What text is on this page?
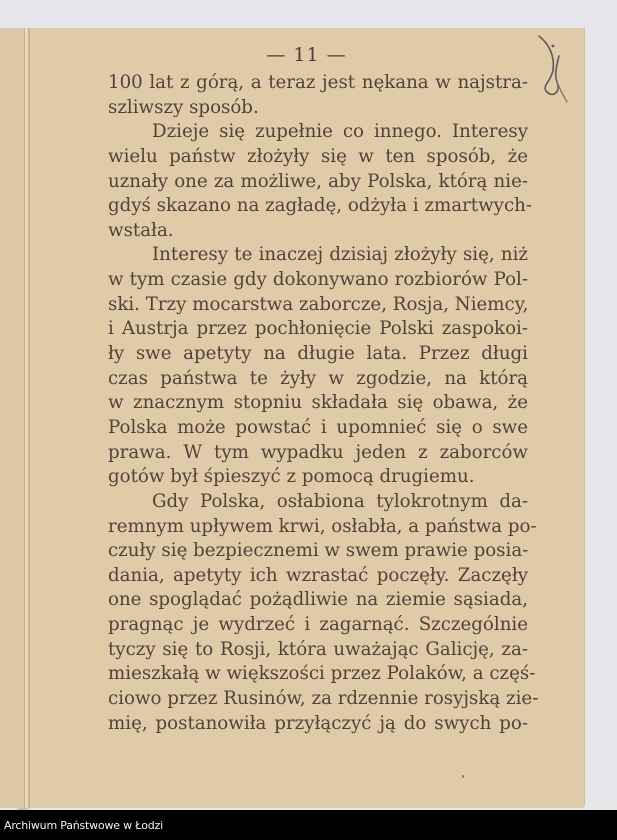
— 11 —
100 lat z górą, a teraz jest nękana w najstra-
szliwszy sposób.
Dzieje się zupełnie co innego. Interesy
wielu państw złożyły się w ten sposób, że
uznały one za możliwe, aby Polska, którą nie-
gdyś skazano na zagładę, odżyła i zmartwych-
wstała.
Interesy te inaczej dzisiaj złożyły się, niż
w tym czasie gdy dokonywano rozbiorów Pol-
ski. Trzy mocarstwa zaborcze, Rosja, Niemcy,
i Austrja przez pochłonięcie Polski zaspokoi-
ły swe apetyty na długie lata. Przez długi
czas państwa te żyły w zgodzie, na którą
w znacznym stopniu składała się obawa, że
Polska może powstać i upomnieć się o swe
prawa. W tym wypadku jeden z zaborców
gotów był śpieszyć z pomocą drugiemu.
Gdy Polska, osłabiona tylokrotnym da-
remnym upływem krwi, osłabła, a państwa po-
czuły się bezpiecznemi w swem prawie posia-
dania, apetyty ich wzrastać poczęły. Zaczęły
one spoglądać pożądliwie na ziemie sąsiada,
pragnąc je wydrzeć i zagarnąć. Szczególnie
tyczy się to Rosji, która uważając Galicję, za-
mieszkałą w większości przez Polaków, a częś-
ciowo przez Rusinów, za rdzennie rosyjską zie-
mię, postanowiła przyłączyć ją do swych po-
Archiwum Państwowe w Łodzi
